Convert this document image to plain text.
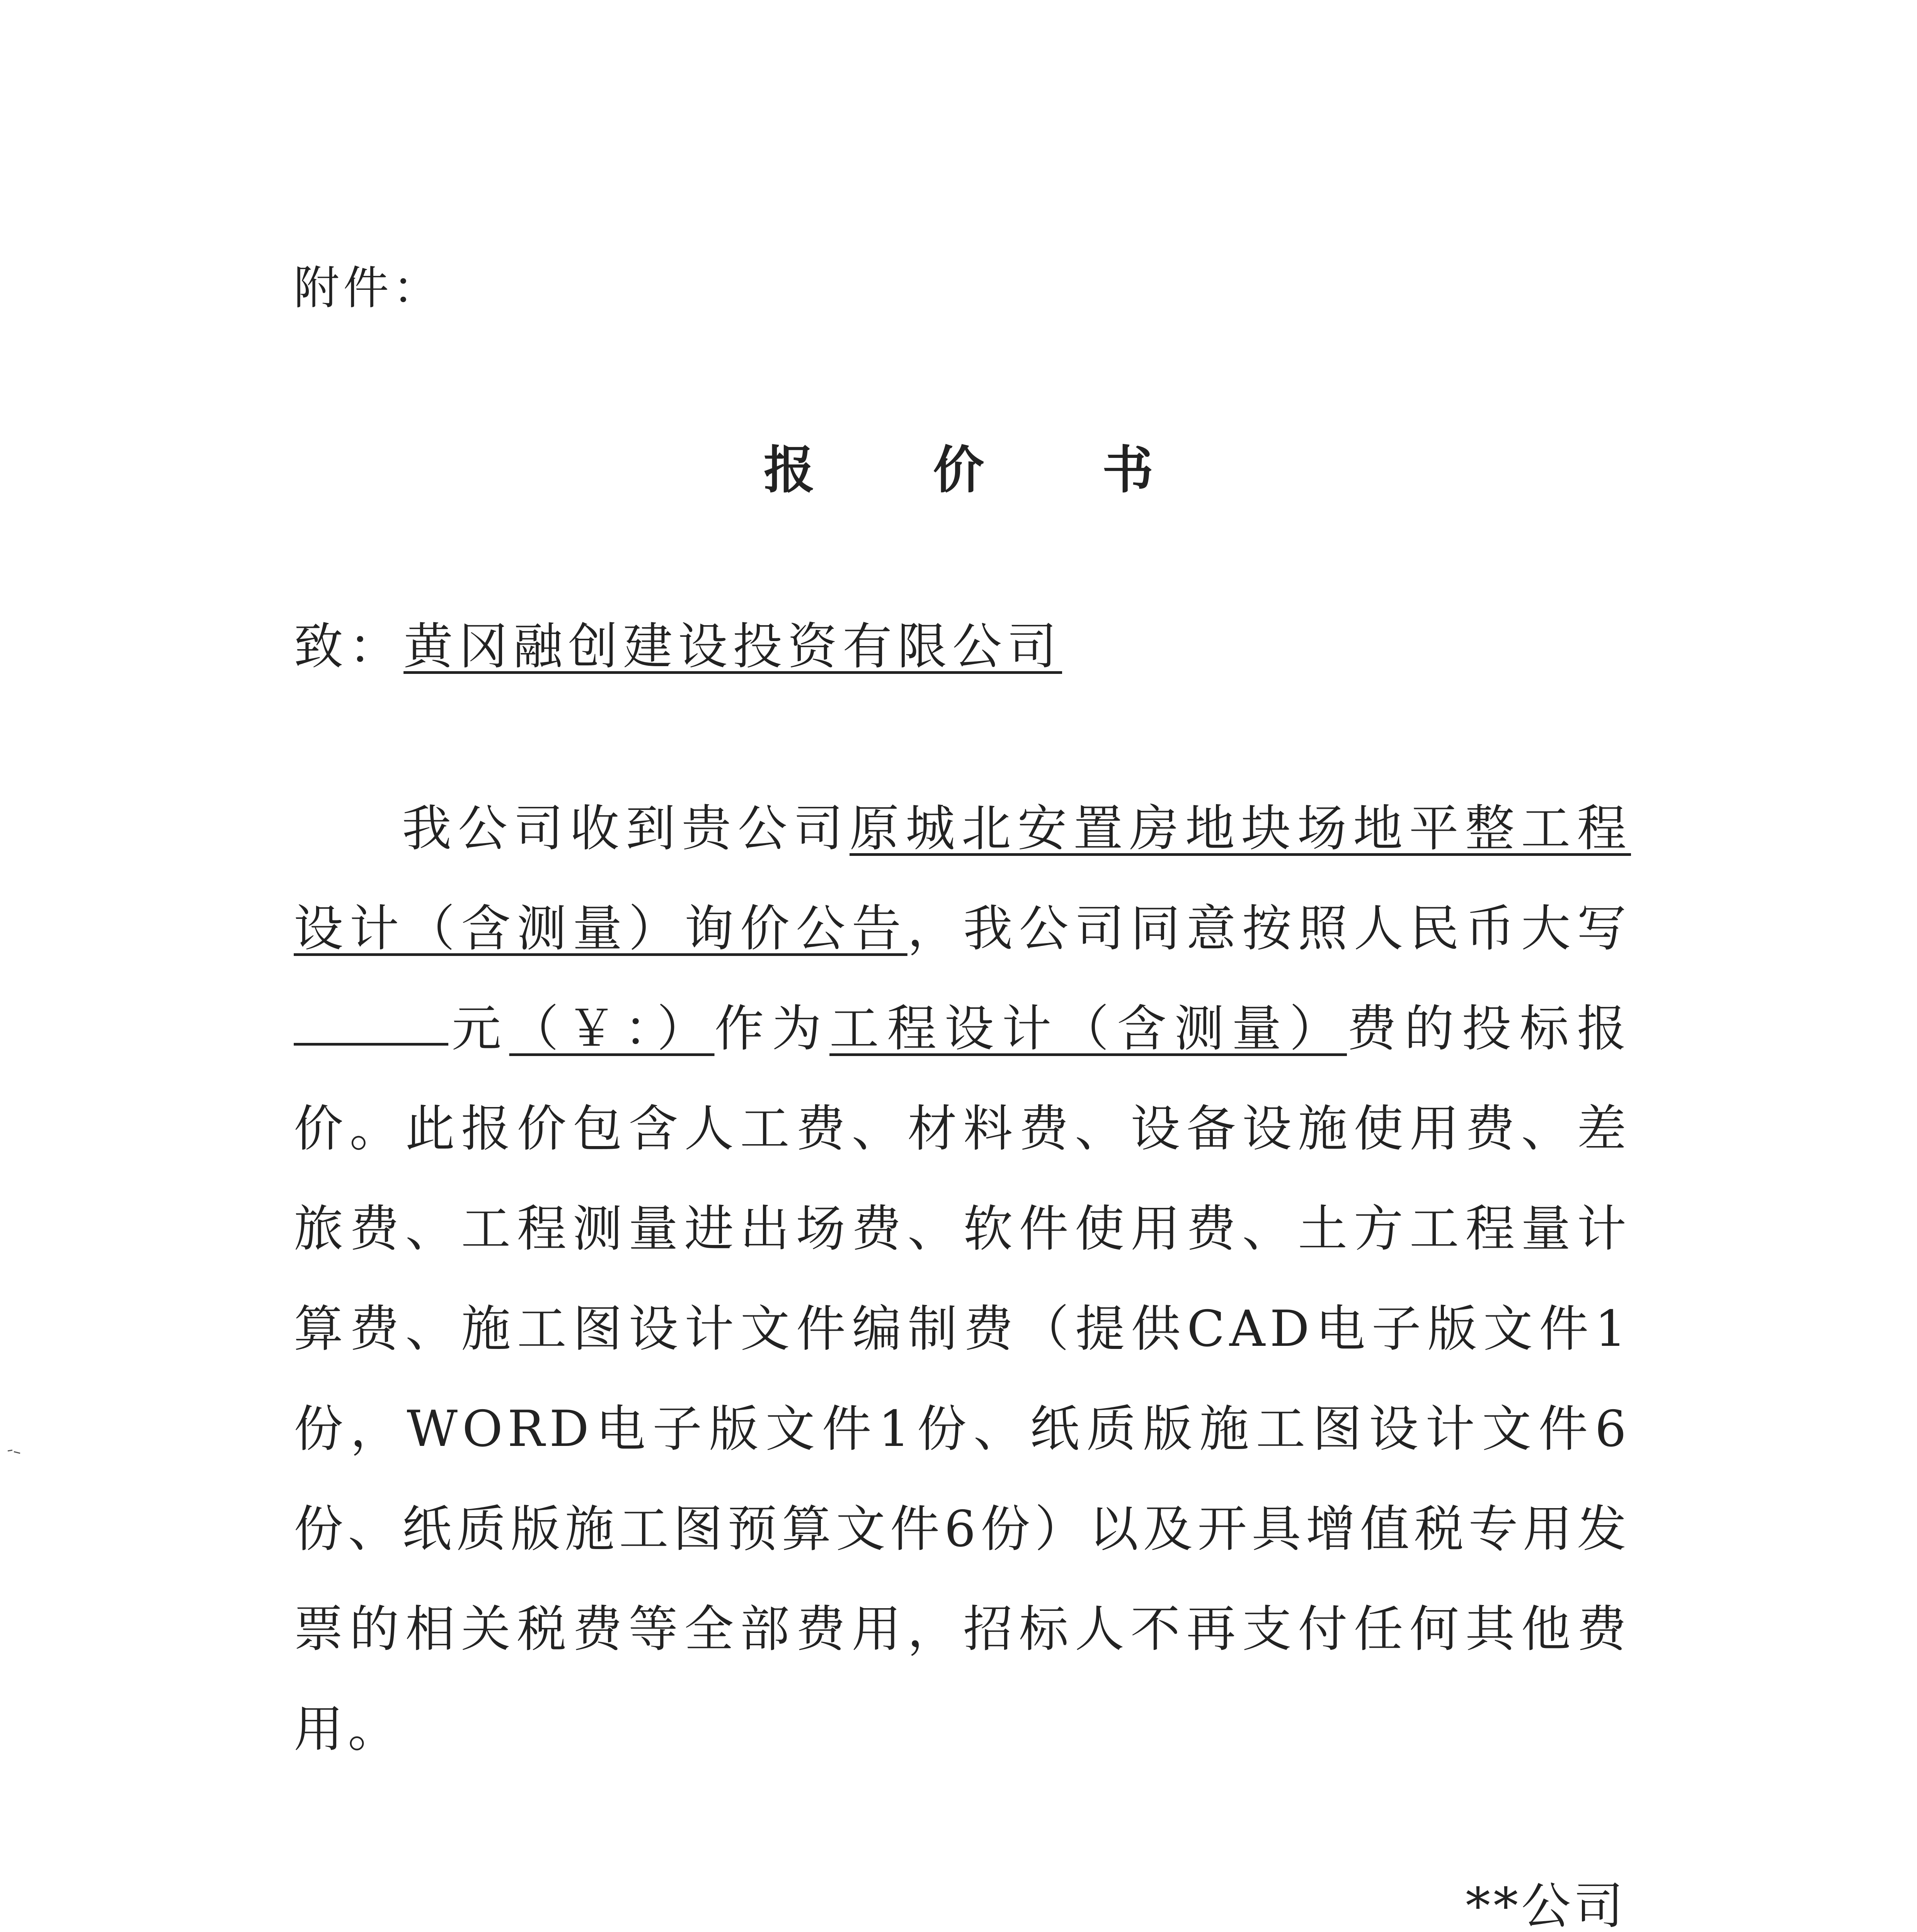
附件：
报 价 书
致：黄冈融创建设投资有限公司
我公司收到贵公司原城北安置房地块场地平整工程设计（含测量）询价公告，我公司同意按照人民币大写元（￥：）作为工程设计（含测量）费的投标报价。此报价包含人工费、材料费、设备设施使用费、差旅费、工程测量进出场费、软件使用费、土方工程量计算费、施工图设计文件编制费（提供CAD电子版文件1份，WORD电子版文件1份、纸质版施工图设计文件6份、纸质版施工图预算文件6份）以及开具增值税专用发票的相关税费等全部费用，招标人不再支付任何其他费用。
**公司
